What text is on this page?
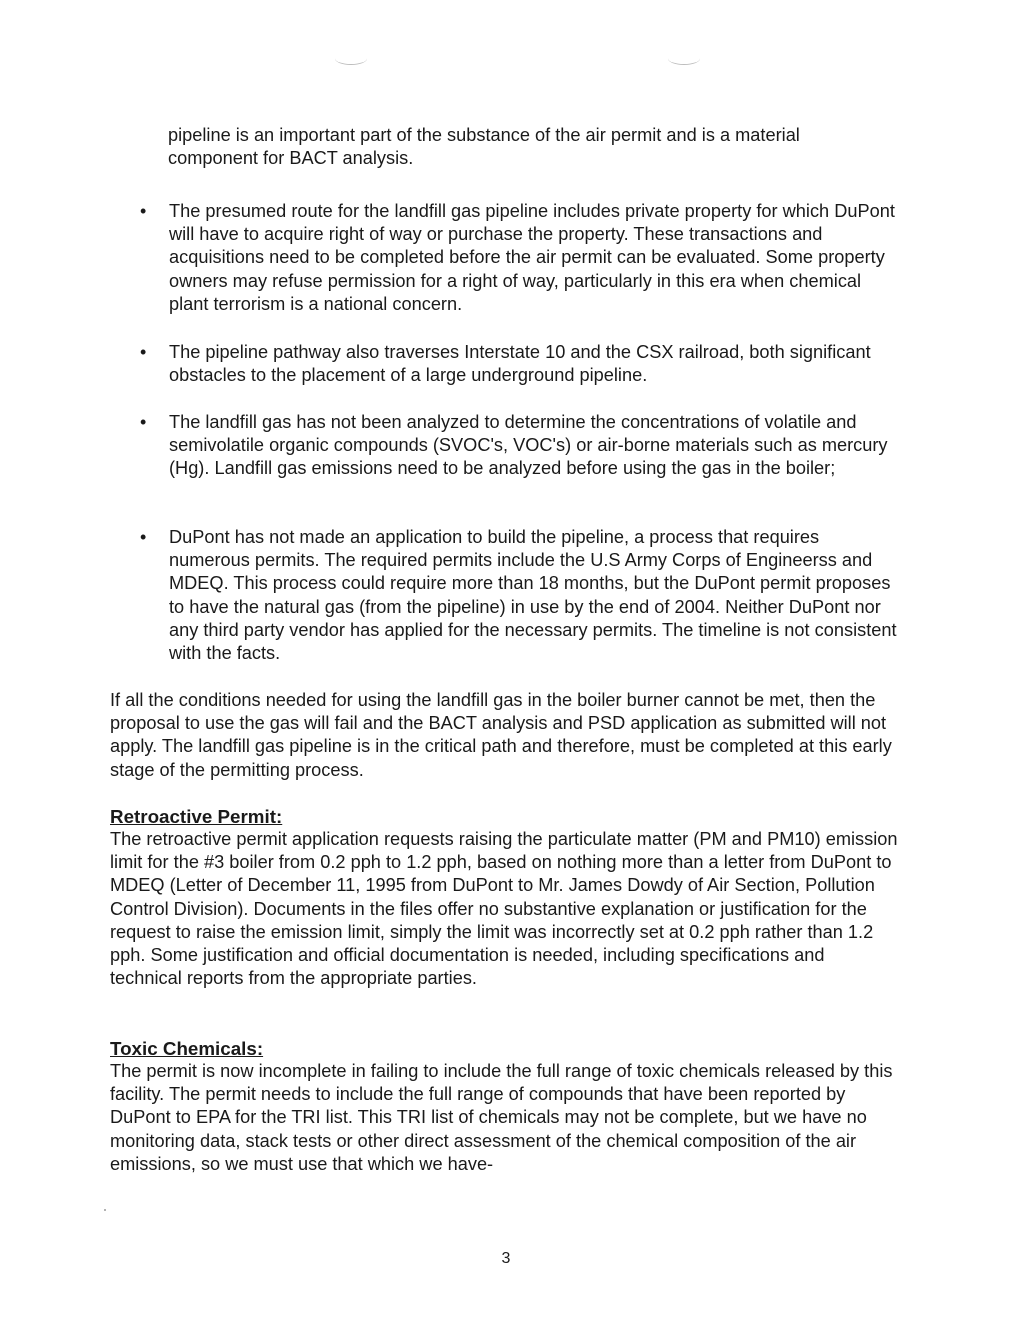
pipeline is an important part of the substance of the air permit and is a material component for BACT analysis.

• The presumed route for the landfill gas pipeline includes private property for which DuPont will have to acquire right of way or purchase the property. These transactions and acquisitions need to be completed before the air permit can be evaluated. Some property owners may refuse permission for a right of way, particularly in this era when chemical plant terrorism is a national concern.

• The pipeline pathway also traverses Interstate 10 and the CSX railroad, both significant obstacles to the placement of a large underground pipeline.

• The landfill gas has not been analyzed to determine the concentrations of volatile and semivolatile organic compounds (SVOC's, VOC's) or air-borne materials such as mercury (Hg). Landfill gas emissions need to be analyzed before using the gas in the boiler;

• DuPont has not made an application to build the pipeline, a process that requires numerous permits. The required permits include the U.S Army Corps of Engineerss and MDEQ. This process could require more than 18 months, but the DuPont permit proposes to have the natural gas (from the pipeline) in use by the end of 2004. Neither DuPont nor any third party vendor has applied for the necessary permits. The timeline is not consistent with the facts.

If all the conditions needed for using the landfill gas in the boiler burner cannot be met, then the proposal to use the gas will fail and the BACT analysis and PSD application as submitted will not apply. The landfill gas pipeline is in the critical path and therefore, must be completed at this early stage of the permitting process.

Retroactive Permit:

The retroactive permit application requests raising the particulate matter (PM and PM10) emission limit for the #3 boiler from 0.2 pph to 1.2 pph, based on nothing more than a letter from DuPont to MDEQ (Letter of December 11, 1995 from DuPont to Mr. James Dowdy of Air Section, Pollution Control Division). Documents in the files offer no substantive explanation or justification for the request to raise the emission limit, simply the limit was incorrectly set at 0.2 pph rather than 1.2 pph. Some justification and official documentation is needed, including specifications and technical reports from the appropriate parties.

Toxic Chemicals:

The permit is now incomplete in failing to include the full range of toxic chemicals released by this facility. The permit needs to include the full range of compounds that have been reported by DuPont to EPA for the TRI list. This TRI list of chemicals may not be complete, but we have no monitoring data, stack tests or other direct assessment of the chemical composition of the air emissions, so we must use that which we have-

3
